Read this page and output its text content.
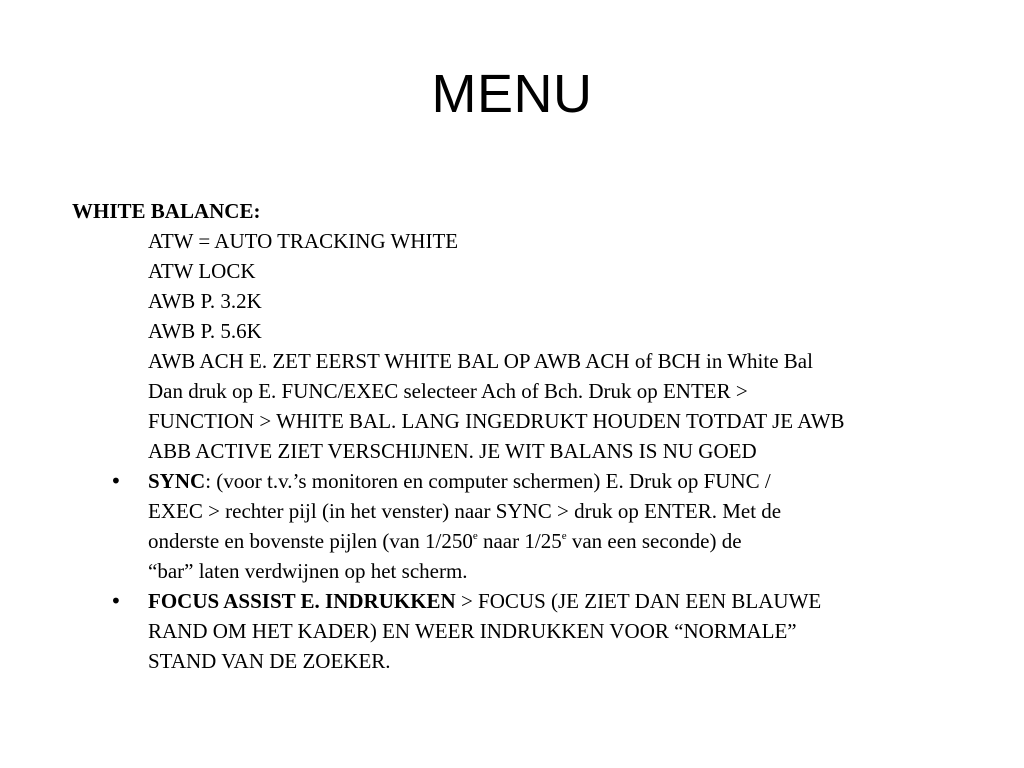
MENU

WHITE BALANCE:

ATW = AUTO TRACKING WHITE

ATW LOCK

AWB P. 3.2K

AWB P. 5.6K

AWB ACH E. ZET EERST WHITE BAL OP AWB ACH of BCH in White Bal

Dan druk op E. FUNC/EXEC selecteer Ach of Bch. Druk op ENTER >

FUNCTION > WHITE BAL. LANG INGEDRUKT HOUDEN TOTDAT JE AWB

ABB ACTIVE ZIET VERSCHIJNEN. JE WIT BALANS IS NU GOED

• SYNC: (voor t.v.’s monitoren en computer schermen) E. Druk op FUNC /

EXEC > rechter pijl (in het venster) naar SYNC > druk op ENTER. Met de

onderste en bovenste pijlen (van 1/250e naar 1/25e van een seconde) de

“bar” laten verdwijnen op het scherm.

• FOCUS ASSIST E. INDRUKKEN > FOCUS (JE ZIET DAN EEN BLAUWE

RAND OM HET KADER) EN WEER INDRUKKEN VOOR “NORMALE”

STAND VAN DE ZOEKER.
